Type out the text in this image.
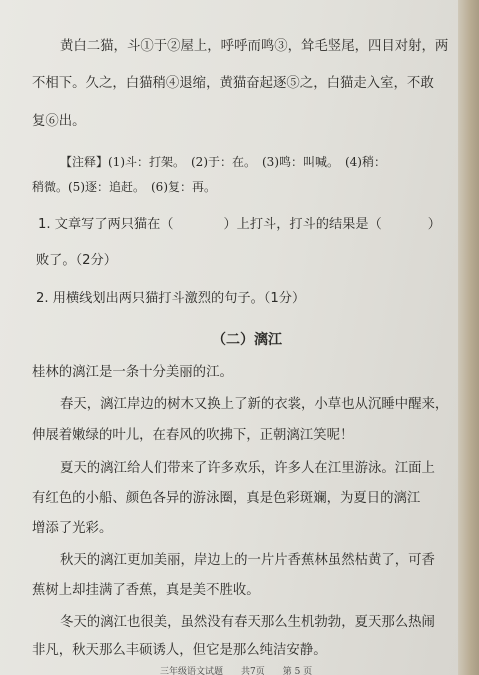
黄白二猫，斗①于②屋上，呼呼而鸣③，耸毛竖尾，四目对射，两
不相下。久之，白猫稍④退缩，黄猫奋起逐⑤之，白猫走入室，不敢
复⑥出。
【注释】(1)斗：打架。　(2)于：在。　(3)鸣：叫喊。　(4)稍：
稍微。(5)逐：追赶。　(6)复：再。
1. 文章写了两只猫在（	）上打斗，打斗的结果是（	）
败了。（2分）
2. 用横线划出两只猫打斗激烈的句子。（1分）
（二）漓江
桂林的漓江是一条十分美丽的江。
春天，漓江岸边的树木又换上了新的衣裳，小草也从沉睡中醒来，
伸展着嫩绿的叶儿，在春风的吹拂下，正朝漓江笑呢！
夏天的漓江给人们带来了许多欢乐，许多人在江里游泳。江面上
有红色的小船、颜色各异的游泳圈，真是色彩斑斓，为夏日的漓江
增添了光彩。
秋天的漓江更加美丽，岸边上的一片片香蕉林虽然枯黄了，可香
蕉树上却挂满了香蕉，真是美不胜收。
冬天的漓江也很美，虽然没有春天那么生机勃勃，夏天那么热闹
非凡，秋天那么丰硕诱人，但它是那么纯洁安静。
三年级语文试题　　共7页　　第 5 页
